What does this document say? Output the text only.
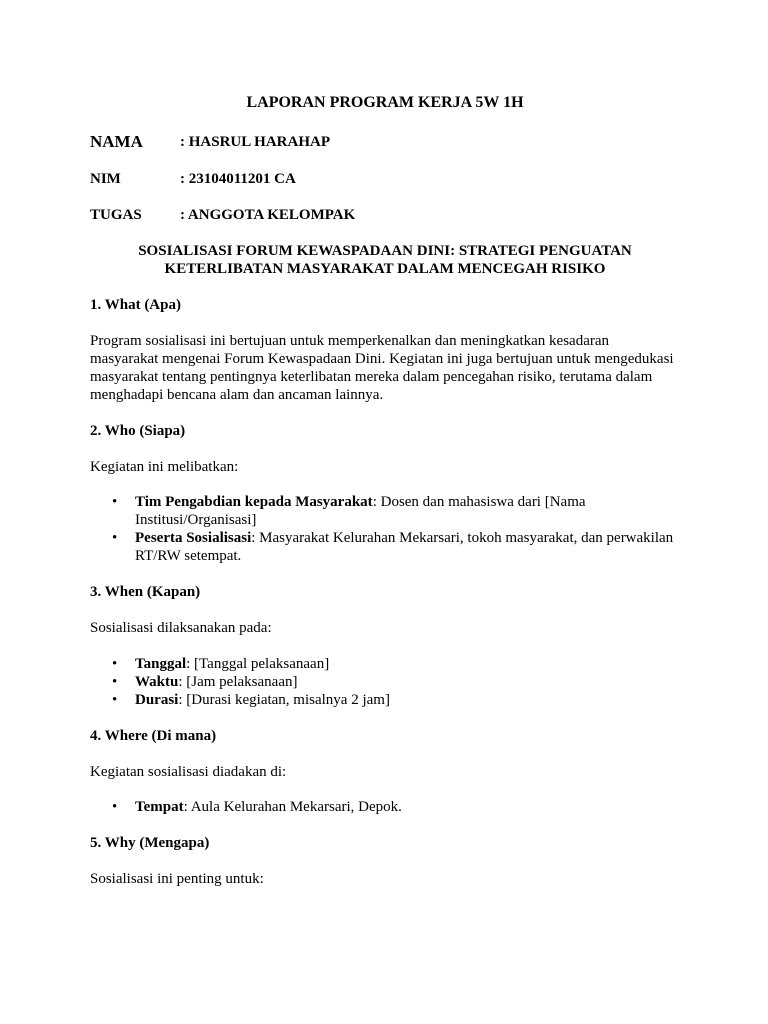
LAPORAN PROGRAM KERJA 5W 1H
NAMA : HASRUL HARAHAP
NIM	: 23104011201 CA
TUGAS	: ANGGOTA KELOMPAK
SOSIALISASI FORUM KEWASPADAAN DINI: STRATEGI PENGUATAN
KETERLIBATAN MASYARAKAT DALAM MENCEGAH RISIKO
1. What (Apa)
Program sosialisasi ini bertujuan untuk memperkenalkan dan meningkatkan kesadaran
masyarakat mengenai Forum Kewaspadaan Dini. Kegiatan ini juga bertujuan untuk mengedukasi
masyarakat tentang pentingnya keterlibatan mereka dalam pencegahan risiko, terutama dalam
menghadapi bencana alam dan ancaman lainnya.
2. Who (Siapa)
Kegiatan ini melibatkan:
• Tim Pengabdian kepada Masyarakat: Dosen dan mahasiswa dari [Nama
Institusi/Organisasi]
• Peserta Sosialisasi: Masyarakat Kelurahan Mekarsari, tokoh masyarakat, dan perwakilan
RT/RW setempat.
3. When (Kapan)
Sosialisasi dilaksanakan pada:
• Tanggal: [Tanggal pelaksanaan]
• Waktu: [Jam pelaksanaan]
• Durasi: [Durasi kegiatan, misalnya 2 jam]
4. Where (Di mana)
Kegiatan sosialisasi diadakan di:
• Tempat: Aula Kelurahan Mekarsari, Depok.
5. Why (Mengapa)
Sosialisasi ini penting untuk:
